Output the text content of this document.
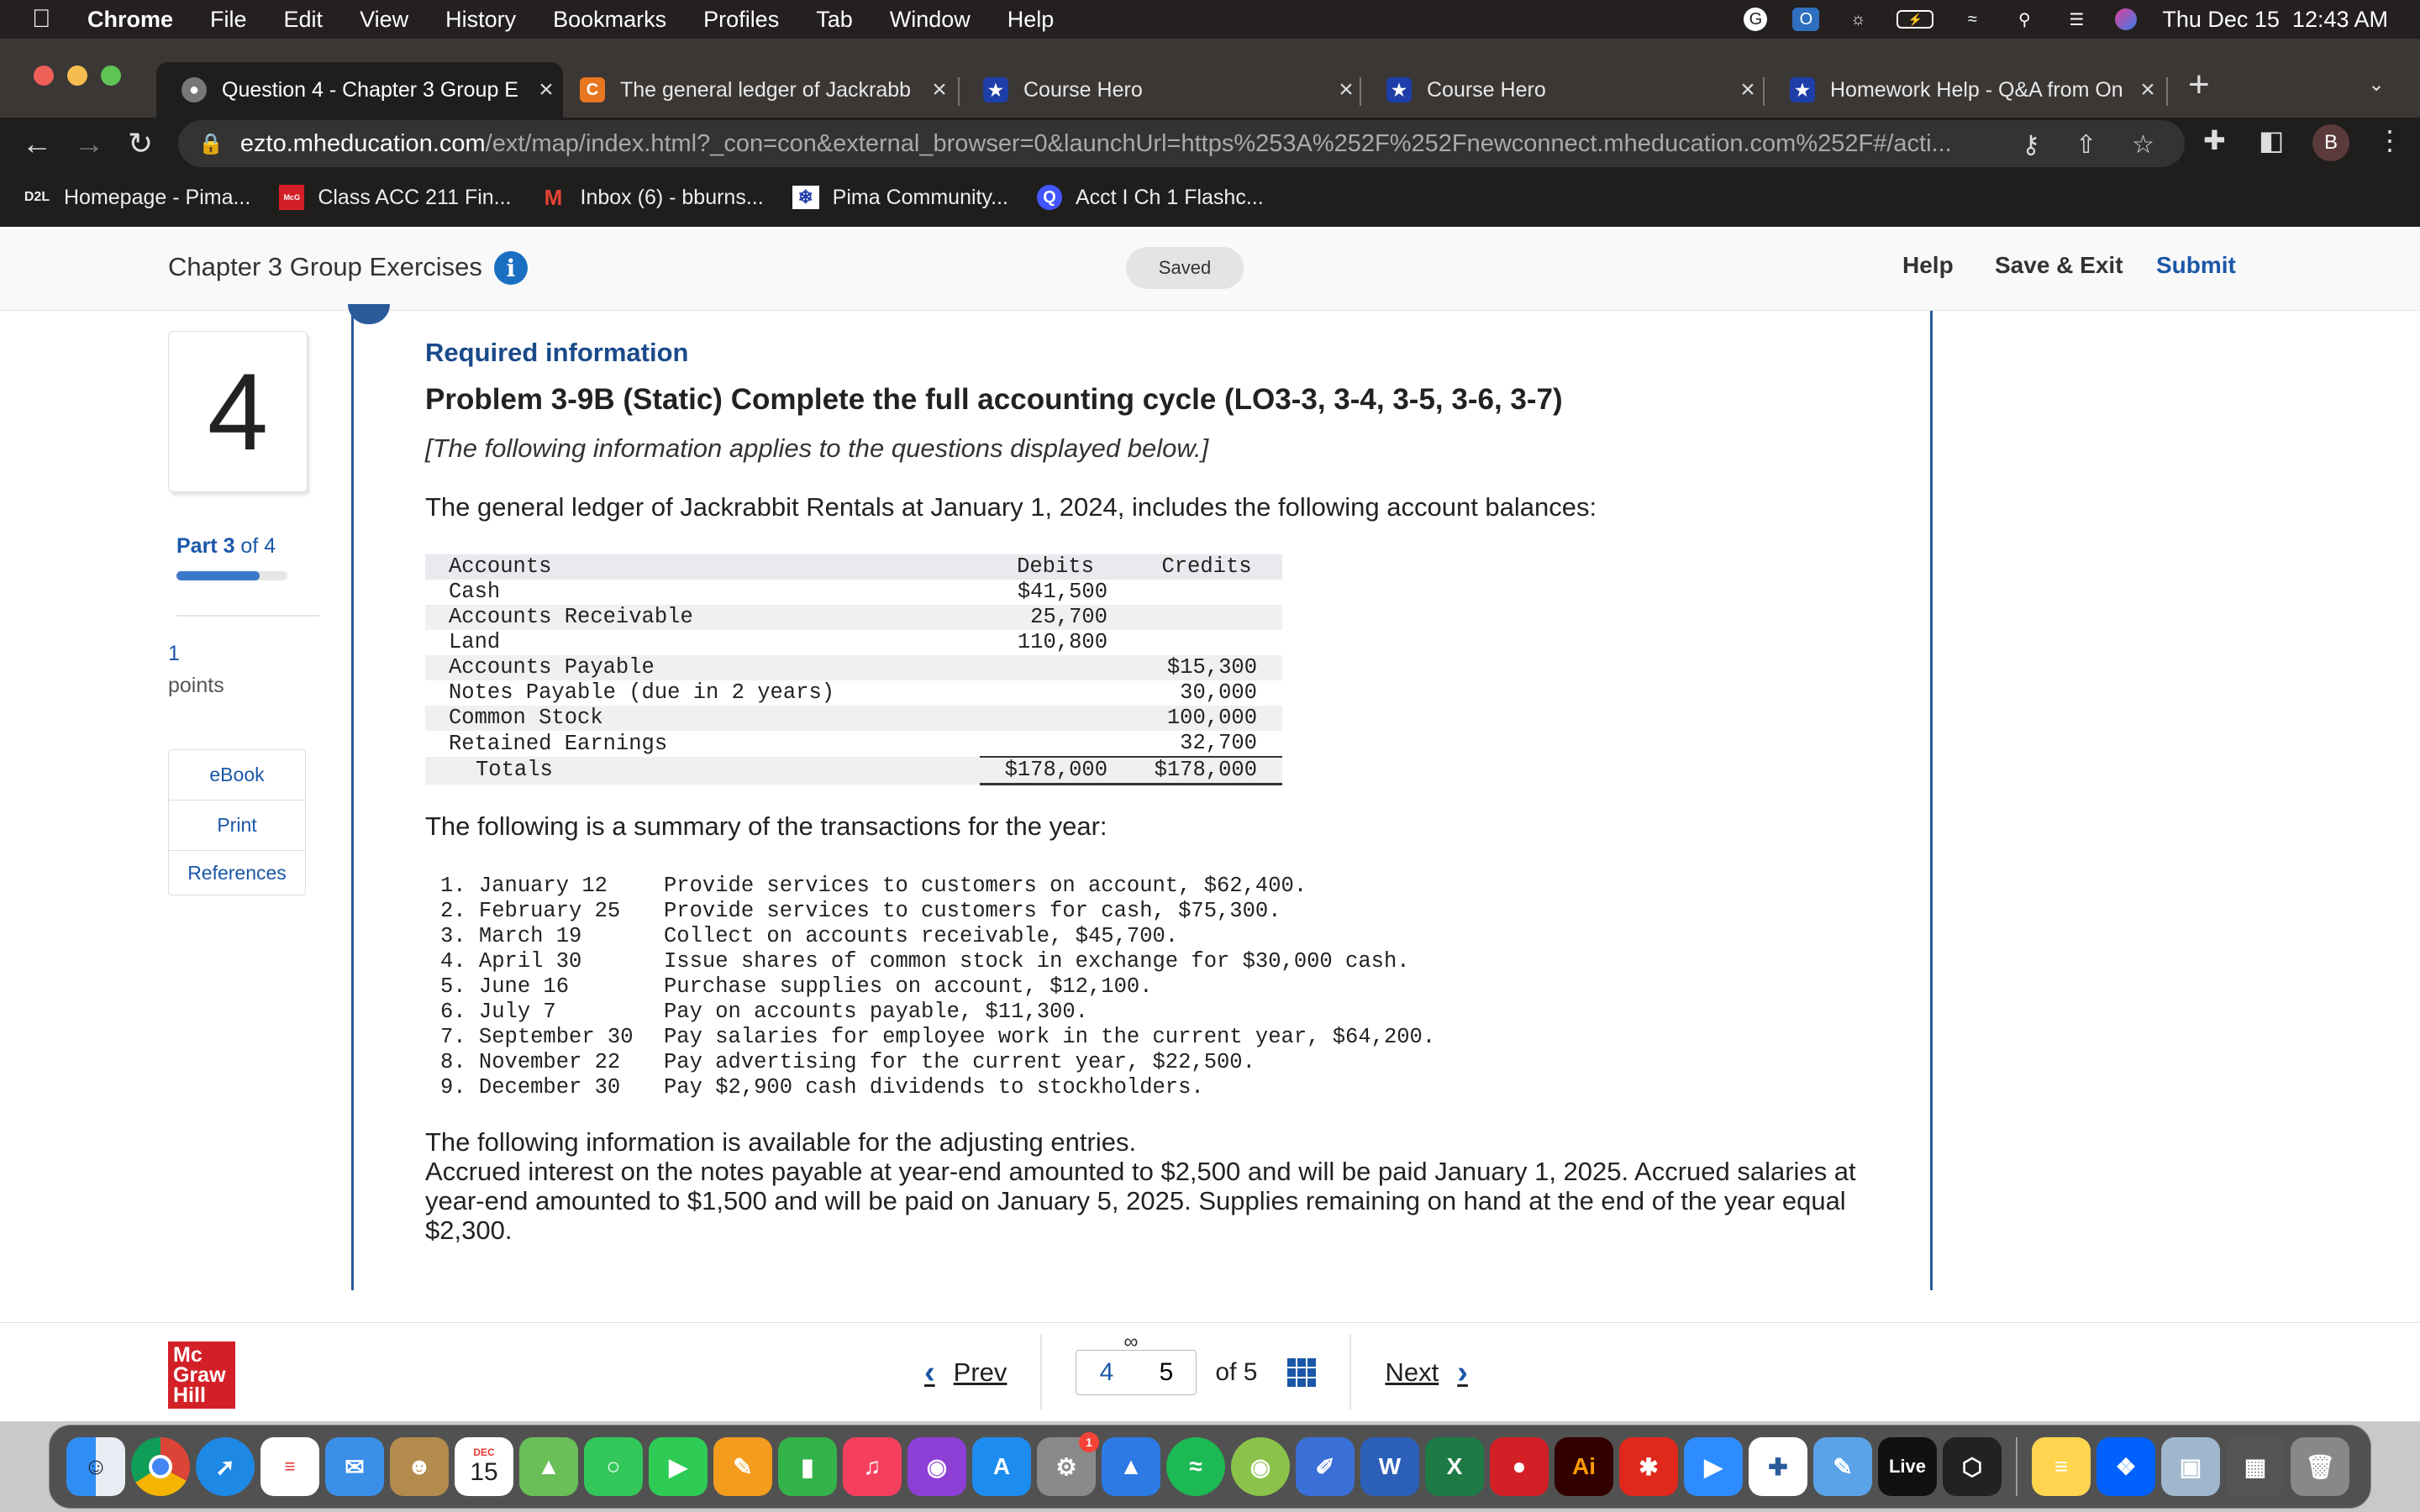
Chrome File Edit View History Bookmarks Profiles Tab Window Help	G	O	☼	⚡	≈	⚲	☰	Thu Dec 15  12:43 AM
●	Question 4 - Chapter 3 Group E ×	C	The general ledger of Jackrabb ×	★ Course Hero	×	★ Course Hero	×	★ Homework Help - Q&A from On × +	⌄
← → ↻ 🔒 ezto.mheducation.com/ext/map/index.html?_con=con&external_browser=0&launchUrl=https%253A%252F%252Fnewconnect.mheducation.com%252F#/acti...	⚷ ⇧ ☆ ✚ ◧	B	⋮
D2L Homepage - Pima...	McG Class ACC 211 Fin... M Inbox (6) - bburns...	❄ Pima Community...	Q Acct I Ch 1 Flashc...
Chapter 3 Group Exercises	i	Saved	Help Save & Exit Submit
4
Part 3 of 4
1
points
eBook
Print
References
Required information
Problem 3-9B (Static) Complete the full accounting cycle (LO3-3, 3-4, 3-5, 3-6, 3-7)
[The following information applies to the questions displayed below.]
The general ledger of Jackrabbit Rentals at January 1, 2024, includes the following account balances:
Accounts	Debits	Credits
Cash	$41,500	
Accounts Receivable	25,700	
Land	110,800	
Accounts Payable		$15,300
Notes Payable (due in 2 years)		30,000
Common Stock		100,000
Retained Earnings		32,700
Totals	$178,000	$178,000
The following is a summary of the transactions for the year:
1. January 12	Provide services to customers on account, $62,400.
2. February 25	Provide services to customers for cash, $75,300.
3. March 19	Collect on accounts receivable, $45,700.
4. April 30	Issue shares of common stock in exchange for $30,000 cash.
5. June 16	Purchase supplies on account, $12,100.
6. July 7	Pay on accounts payable, $11,300.
7. September 30	Pay salaries for employee work in the current year, $64,200.
8. November 22	Pay advertising for the current year, $22,500.
9. December 30	Pay $2,900 cash dividends to stockholders.
The following information is available for the adjusting entries.
Accrued interest on the notes payable at year-end amounted to $2,500 and will be paid January 1, 2025. Accrued salaries at year-end amounted to $1,500 and will be paid on January 5, 2025. Supplies remaining on hand at the end of the year equal $2,300.
Mc
Graw
Hill
‹ Prev
∞
4 5 of 5	Next ›
☺	➚	≡	✉	☻
DEC
15	▲	○	▶	✎	▮	♫	◉	A	⚙
1
▲	≈	◉	✐	W	X	●	Ai	✱	▶	✚	✎	Live	⬡	≡	❖	▣	▦	🗑
